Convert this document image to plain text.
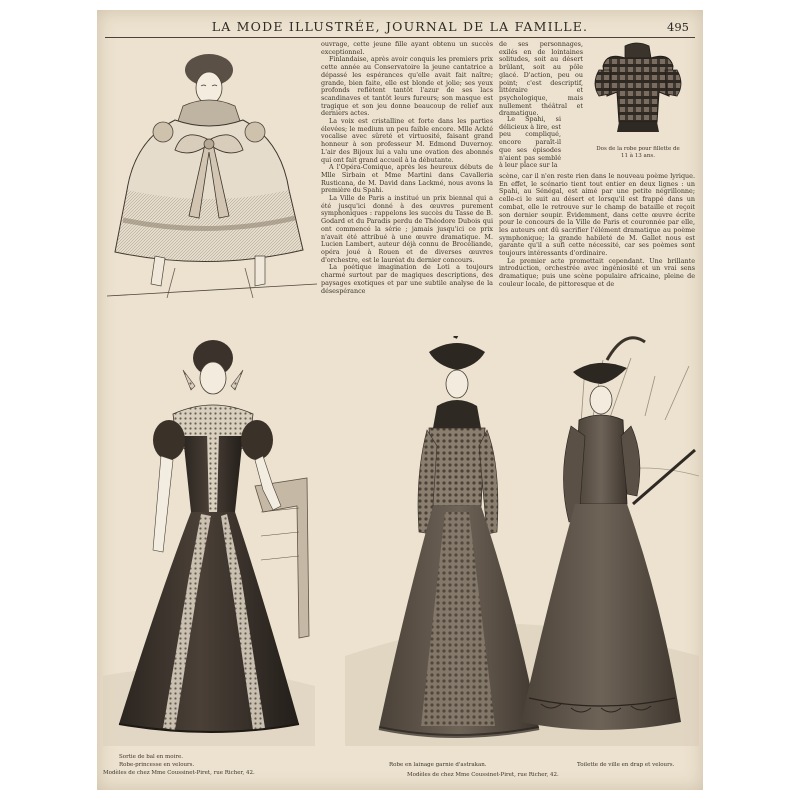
LA MODE ILLUSTRÉE, JOURNAL DE LA FAMILLE.	495

ouvrage, cette jeune fille ayant obtenu un succès exceptionnel.

Finlandaise, après avoir conquis les premiers prix cette année au Conservatoire la jeune cantatrice a dépassé les espérances qu'elle avait fait naître; grande, bien faite, elle est blonde et jolie; ses yeux profonds reflètent tantôt l'azur de ses lacs scandinaves et tantôt leurs fureurs; son masque est tragique et son jeu donne beaucoup de relief aux derniers actes.

La voix est cristalline et forte dans les parties élevées; le medium un peu faible encore. Mlle Ackté vocalise avec sûreté et virtuosité, faisant grand honneur à son professeur M. Edmond Duvernoy. L'air des Bijoux lui a valu une ovation des abonnés qui ont fait grand accueil à la débutante.

A l'Opéra-Comique, après les heureux débuts de Mlle Sirbain et Mme Martini dans Cavalleria Rusticana, de M. David dans Lackmé, nous avons la première du Spahi.

La Ville de Paris a institué un prix biennal qui a été jusqu'ici donné à des œuvres purement symphoniques : rappelons les succès du Tasse de B. Godard et du Paradis perdu de Théodore Dubois qui ont commencé la série ; jamais jusqu'ici ce prix n'avait été attribué à une œuvre dramatique. M. Lucien Lambert, auteur déjà connu de Brocéliande, opéra joué à Rouen et de diverses œuvres d'orchestre, est le lauréat du dernier concours.

La poétique imagination de Loti a toujours charmé surtout par de magiques descriptions, des paysages exotiques et par une subtile analyse de la désespérance

de ses personnages, exilés en de lointaines solitudes, soit au désert brûlant, soit au pôle glacé. D'action, peu ou point; c'est descriptif, littéraire et psychologique, mais nullement théâtral et dramatique.

Le Spahi, si délicieux à lire, est peu compliqué, encore paraît-il que ses épisodes n'aient pas semblé à leur place sur la

scène, car il n'en reste rien dans le nouveau poème lyrique. En effet, le scénario tient tout entier en deux lignes : un Spahi, au Sénégal, est aimé par une petite négrillonne; celle-ci le suit au désert et lorsqu'il est frappé dans un combat, elle le retrouve sur le champ de bataille et reçoit son dernier soupir. Évidemment, dans cette œuvre écrite pour le concours de la Ville de Paris et couronnée par elle, les auteurs ont dû sacrifier l'élément dramatique au poème symphonique; la grande habileté de M. Gallet nous est garante qu'il a sufi cette nécessité, car ses poèmes sont toujours intéressants d'ordinaire.

Le premier acte promettait cependant. Une brillante introduction, orchestrée avec ingéniosité et un vrai sens dramatique; puis une scène populaire africaine, pleine de couleur locale, de pittoresque et de

Dos de la robe pour fillette de 11 à 13 ans.
Sortie de bal en moire.
Robe-princesse en velours.
Modèles de chez Mme Coussinet-Piret, rue Richer, 42.
Robe en lainage garnie d'astrakan.	Toilette de ville en drap et velours.
Modèles de chez Mme Coussinet-Piret, rue Richer, 42.
